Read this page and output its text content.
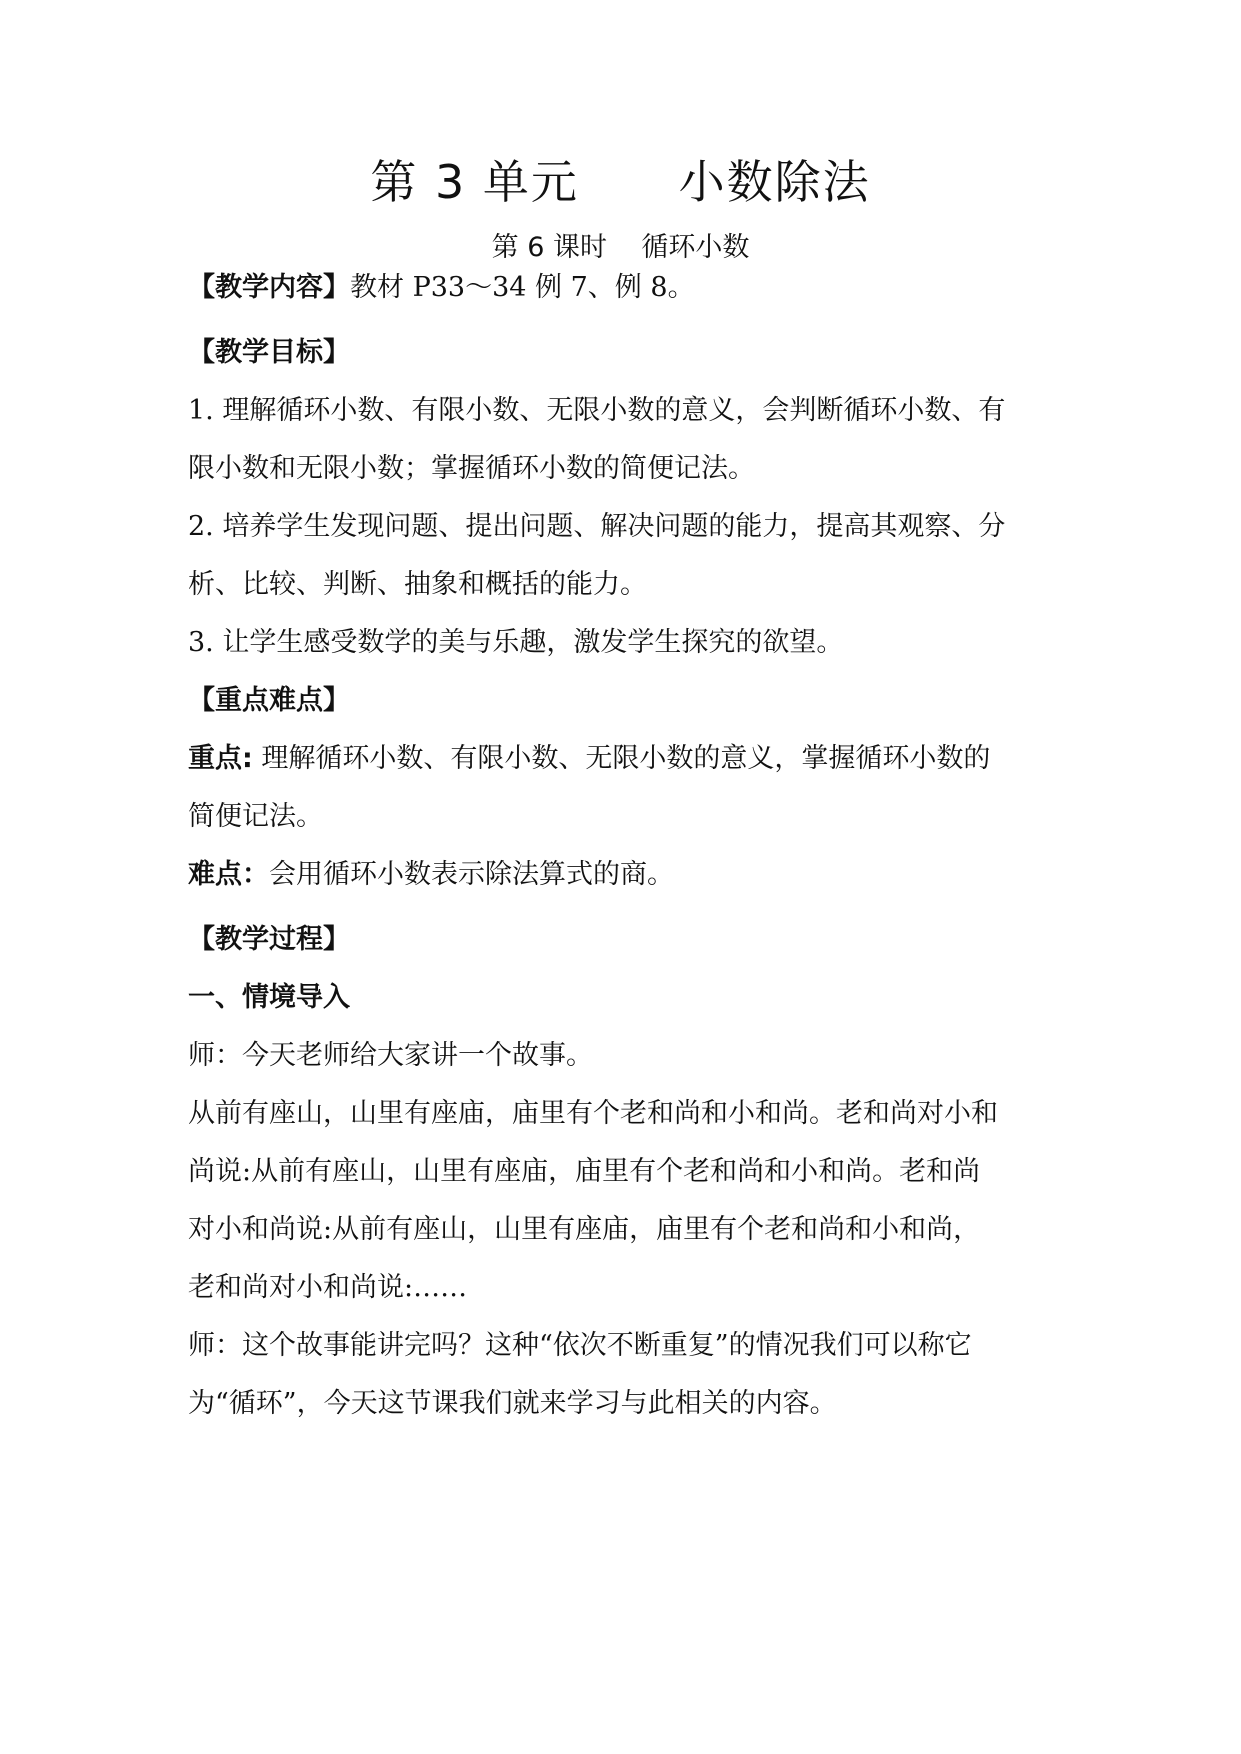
第 3 单元      小数除法
第 6 课时    循环小数
【教学内容】教材 P33～34 例 7、例 8。
【教学目标】
1. 理解循环小数、有限小数、无限小数的意义，会判断循环小数、有
限小数和无限小数；掌握循环小数的简便记法。
2. 培养学生发现问题、提出问题、解决问题的能力，提高其观察、分
析、比较、判断、抽象和概括的能力。
3. 让学生感受数学的美与乐趣，激发学生探究的欲望。
【重点难点】
重点: 理解循环小数、有限小数、无限小数的意义，掌握循环小数的
简便记法。
难点：会用循环小数表示除法算式的商。
【教学过程】
一、情境导入
师：今天老师给大家讲一个故事。
从前有座山，山里有座庙，庙里有个老和尚和小和尚。老和尚对小和
尚说:从前有座山，山里有座庙，庙里有个老和尚和小和尚。老和尚
对小和尚说:从前有座山，山里有座庙，庙里有个老和尚和小和尚，
老和尚对小和尚说:……
师：这个故事能讲完吗？这种“依次不断重复”的情况我们可以称它
为“循环”，今天这节课我们就来学习与此相关的内容。
